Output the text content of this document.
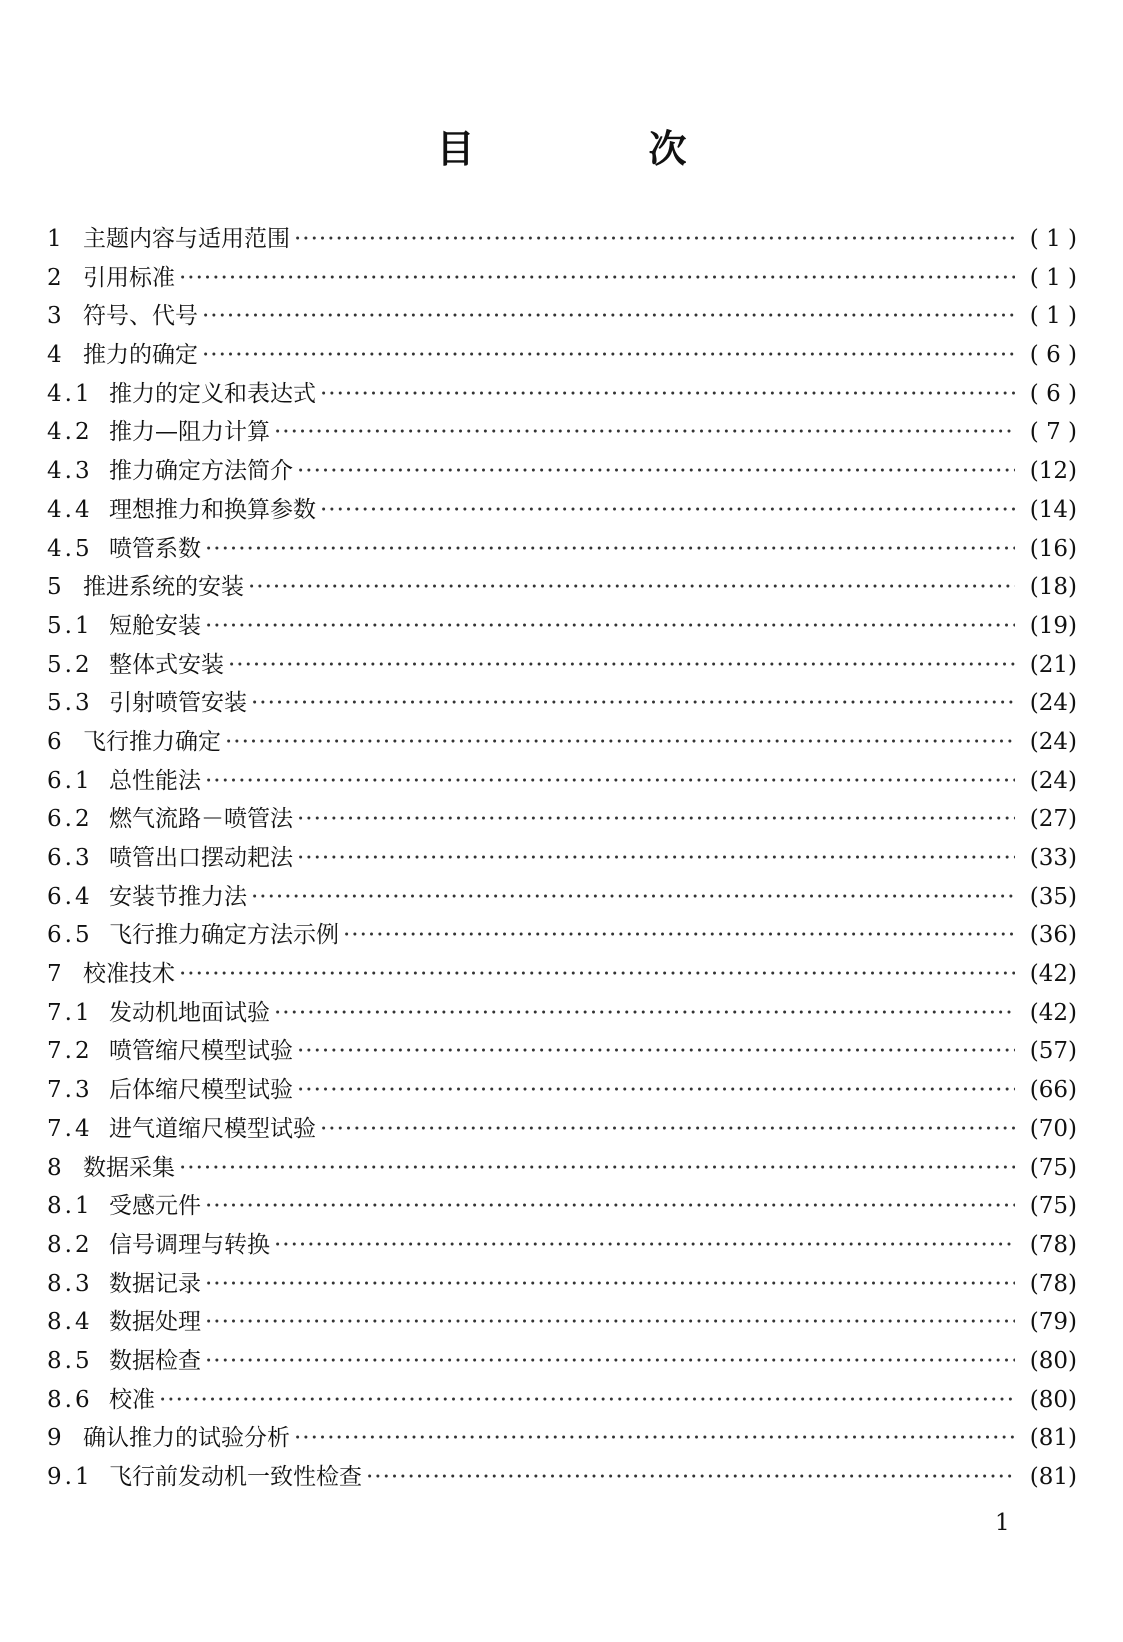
目　次
1 主题内容与适用范围 ·····	( 1 )
2 引用标准 ·····	( 1 )
3 符号、代号 ·····	( 1 )
4 推力的确定 ·····	( 6 )
4.1 推力的定义和表达式 ·····	( 6 )
4.2 推力—阻力计算 ·····	( 7 )
4.3 推力确定方法简介 ·····	(12)
4.4 理想推力和换算参数 ·····	(14)
4.5 喷管系数 ·····	(16)
5 推进系统的安装 ·····	(18)
5.1 短舱安装 ·····	(19)
5.2 整体式安装 ·····	(21)
5.3 引射喷管安装 ·····	(24)
6 飞行推力确定 ·····	(24)
6.1 总性能法 ·····	(24)
6.2 燃气流路－喷管法 ·····	(27)
6.3 喷管出口摆动耙法 ·····	(33)
6.4 安装节推力法 ·····	(35)
6.5 飞行推力确定方法示例 ·····	(36)
7 校准技术 ·····	(42)
7.1 发动机地面试验 ·····	(42)
7.2 喷管缩尺模型试验 ·····	(57)
7.3 后体缩尺模型试验 ·····	(66)
7.4 进气道缩尺模型试验 ·····	(70)
8 数据采集 ·····	(75)
8.1 受感元件 ·····	(75)
8.2 信号调理与转换 ·····	(78)
8.3 数据记录 ·····	(78)
8.4 数据处理 ·····	(79)
8.5 数据检查 ·····	(80)
8.6 校准 ·····	(80)
9 确认推力的试验分析 ·····	(81)
9.1 飞行前发动机一致性检查 ·····	(81)
1
